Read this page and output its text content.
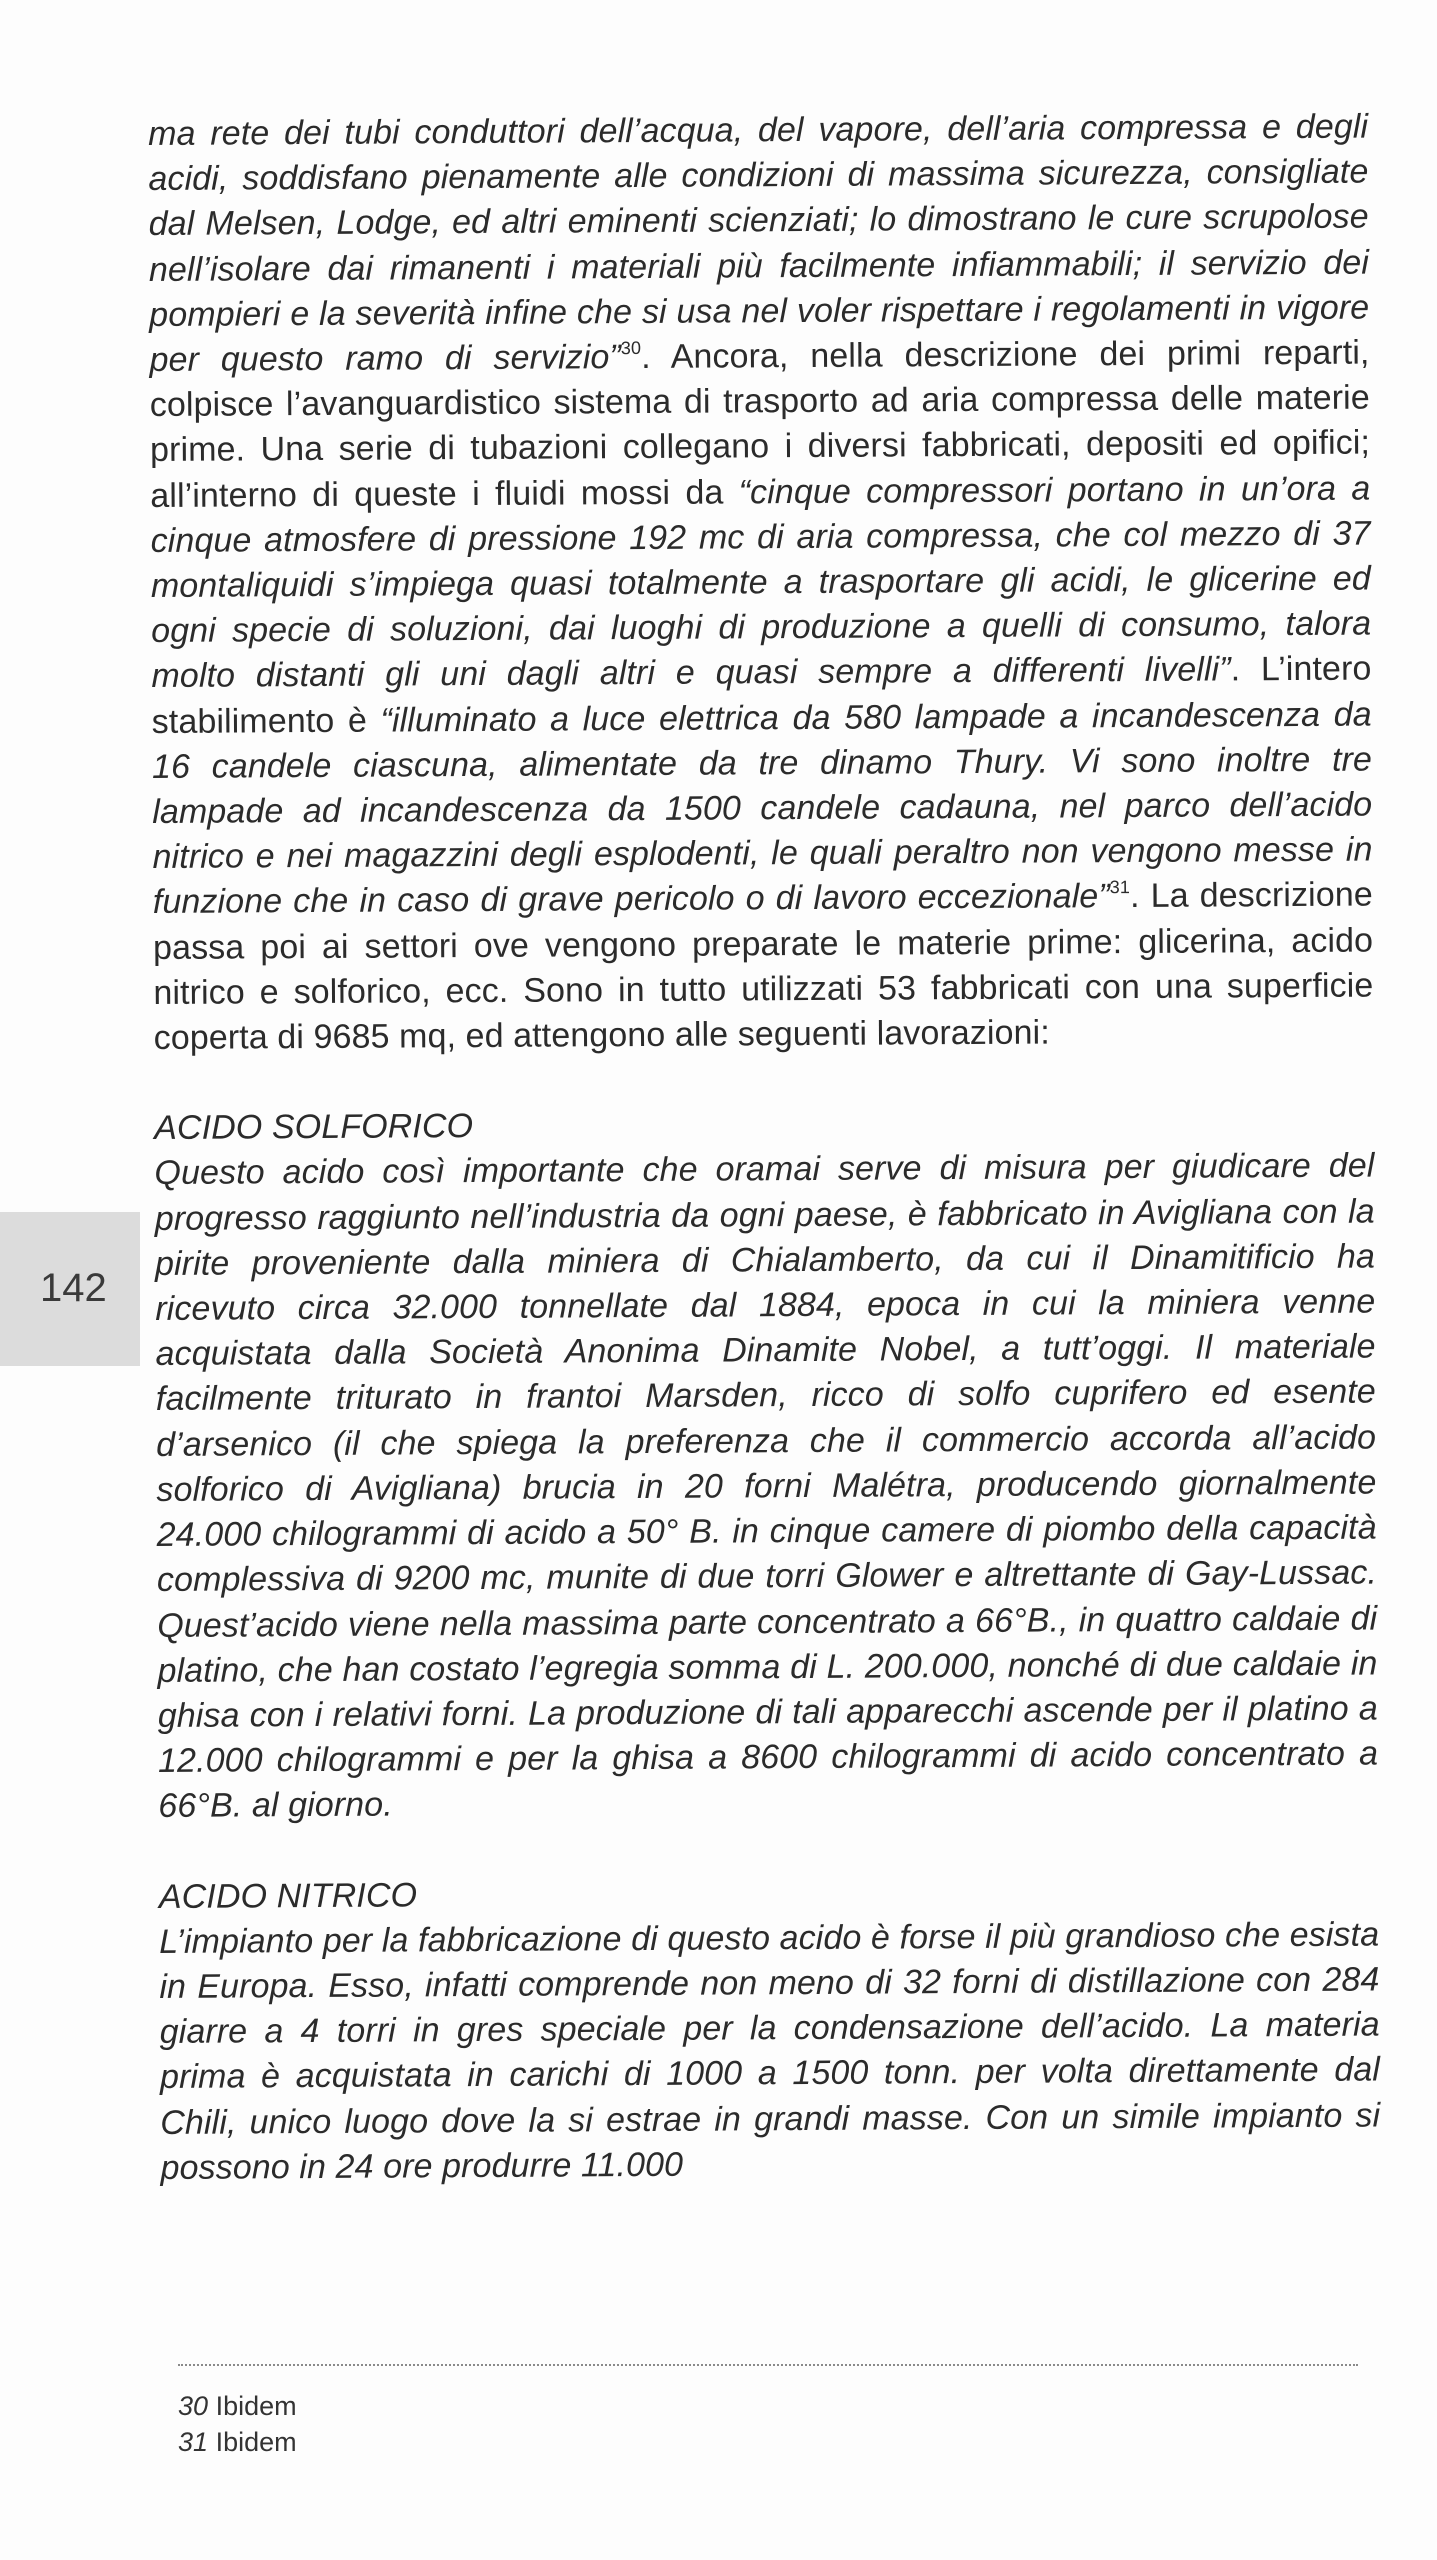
142

ma rete dei tubi conduttori dell’acqua, del vapore, dell’aria compressa e degli acidi, soddisfano pienamente alle condizioni di massima sicurezza, consigliate dal Melsen, Lodge, ed altri eminenti scienziati; lo dimostrano le cure scrupolose nell’isolare dai rimanenti i materiali più facilmente infiammabili; il servizio dei pompieri e la severità infine che si usa nel voler rispettare i regolamenti in vigore per questo ramo di servizio”$^{30}$. Ancora, nella descrizione dei primi reparti, colpisce l’avanguardistico sistema di trasporto ad aria compressa delle materie prime. Una serie di tubazioni collegano i diversi fabbricati, depositi ed opifici; all’interno di queste i fluidi mossi da “cinque compressori portano in un’ora a cinque atmosfere di pressione 192 mc di aria compressa, che col mezzo di 37 montaliquidi s’impiega quasi totalmente a trasportare gli acidi, le glicerine ed ogni specie di soluzioni, dai luoghi di produzione a quelli di consumo, talora molto distanti gli uni dagli altri e quasi sempre a differenti livelli”. L’intero stabilimento è “illuminato a luce elettrica da 580 lampade a incandescenza da 16 candele ciascuna, alimentate da tre dinamo Thury. Vi sono inoltre tre lampade ad incandescenza da 1500 candele cadauna, nel parco dell’acido nitrico e nei magazzini degli esplodenti, le quali peraltro non vengono messe in funzione che in caso di grave pericolo o di lavoro eccezionale”$^{31}$. La descrizione passa poi ai settori ove vengono preparate le materie prime: glicerina, acido nitrico e solforico, ecc. Sono in tutto utilizzati 53 fabbricati con una superficie coperta di 9685 mq, ed attengono alle seguenti lavorazioni:

ACIDO SOLFORICO

Questo acido così importante che oramai serve di misura per giudicare del progresso raggiunto nell’industria da ogni paese, è fabbricato in Avigliana con la pirite proveniente dalla miniera di Chialamberto, da cui il Dinamitificio ha ricevuto circa 32.000 tonnellate dal 1884, epoca in cui la miniera venne acquistata dalla Società Anonima Dinamite Nobel, a tutt’oggi. Il materiale facilmente triturato in frantoi Marsden, ricco di solfo cuprifero ed esente d’arsenico (il che spiega la preferenza che il commercio accorda all’acido solforico di Avigliana) brucia in 20 forni Malétra, producendo giornalmente 24.000 chilogrammi di acido a 50° B. in cinque camere di piombo della capacità complessiva di 9200 mc, munite di due torri Glower e altrettante di Gay-Lussac. Quest’acido viene nella massima parte concentrato a 66°B., in quattro caldaie di platino, che han costato l’egregia somma di L. 200.000, nonché di due caldaie in ghisa con i relativi forni. La produzione di tali apparecchi ascende per il platino a 12.000 chilogrammi e per la ghisa a 8600 chilogrammi di acido concentrato a 66°B. al giorno.

ACIDO NITRICO

L’impianto per la fabbricazione di questo acido è forse il più grandioso che esista in Europa. Esso, infatti comprende non meno di 32 forni di distillazione con 284 giarre a 4 torri in gres speciale per la condensazione dell’acido. La materia prima è acquistata in carichi di 1000 a 1500 tonn. per volta direttamente dal Chili, unico luogo dove la si estrae in grandi masse. Con un simile impianto si possono in 24 ore produrre 11.000

30 Ibidem
31 Ibidem
